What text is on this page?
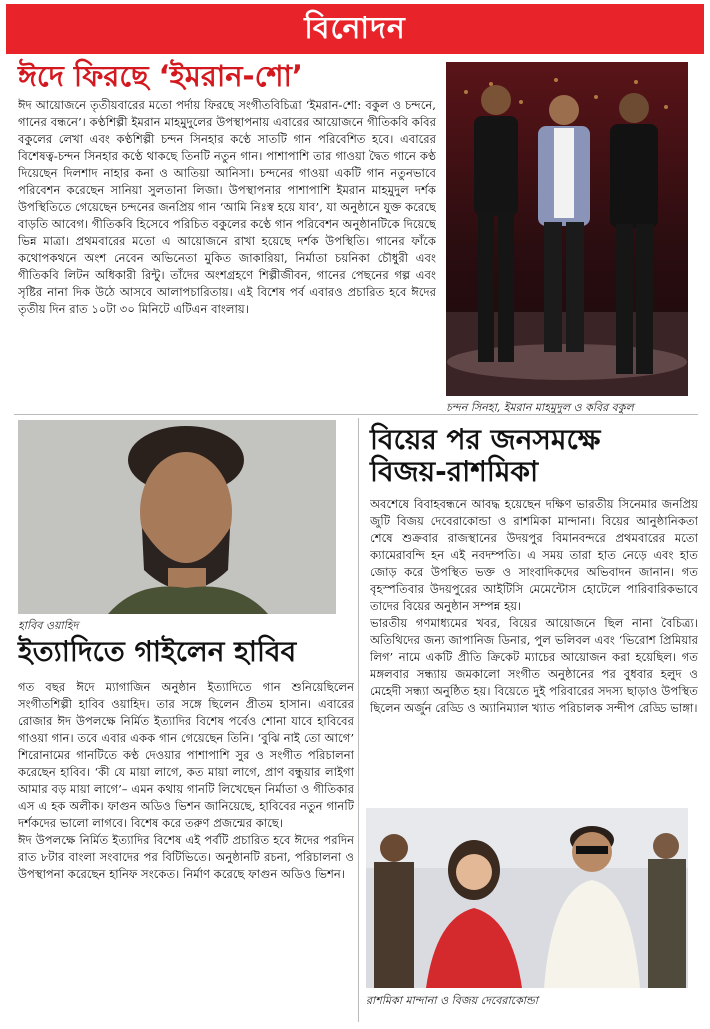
বিনোদন
ঈদে ফিরছে ‘ইমরান-শো’

ঈদ আয়োজনে তৃতীয়বারের মতো পর্দায় ফিরছে সংগীতবিচিত্রা ‘ইমরান-শো: বকুল ও চন্দনে, গানের বন্ধনে’। কণ্ঠশিল্পী ইমরান মাহমুদুলের উপস্থাপনায় এবারের আয়োজনে গীতিকবি কবির বকুলের লেখা এবং কণ্ঠশিল্পী চন্দন সিনহার কণ্ঠে সাতটি গান পরিবেশিত হবে। এবারের বিশেষত্ব-চন্দন সিনহার কণ্ঠে থাকছে তিনটি নতুন গান। পাশাপাশি তার গাওয়া দ্বৈত গানে কণ্ঠ দিয়েছেন দিলশাদ নাহার কনা ও আতিয়া আনিসা। চন্দনের গাওয়া একটি গান নতুনভাবে পরিবেশন করেছেন সানিয়া সুলতানা লিজা। উপস্থাপনার পাশাপাশি ইমরান মাহমুদুল দর্শক উপস্থিতিতে গেয়েছেন চন্দনের জনপ্রিয় গান ‘আমি নিঃস্ব হয়ে যাব’, যা অনুষ্ঠানে যুক্ত করেছে বাড়তি আবেগ। গীতিকবি হিসেবে পরিচিত বকুলের কণ্ঠে গান পরিবেশন অনুষ্ঠানটিকে দিয়েছে ভিন্ন মাত্রা। প্রথমবারের মতো এ আয়োজনে রাখা হয়েছে দর্শক উপস্থিতি। গানের ফাঁকে কথোপকথনে অংশ নেবেন অভিনেতা মুকিত জাকারিয়া, নির্মাতা চয়নিকা চৌধুরী এবং গীতিকবি লিটন অধিকারী রিন্টু। তাঁদের অংশগ্রহণে শিল্পীজীবন, গানের পেছনের গল্প এবং সৃষ্টির নানা দিক উঠে আসবে আলাপচারিতায়। এই বিশেষ পর্ব এবারও প্রচারিত হবে ঈদের তৃতীয় দিন রাত ১০টা ৩০ মিনিটে এটিএন বাংলায়।

চন্দন সিনহা, ইমরান মাহমুদুল ও কবির বকুল
হাবিব ওয়াহিদ
ইত্যাদিতে গাইলেন হাবিব

গত বছর ঈদে ম্যাগাজিন অনুষ্ঠান ইত্যাদিতে গান শুনিয়েছিলেন সংগীতশিল্পী হাবিব ওয়াহিদ। তার সঙ্গে ছিলেন প্রীতম হাসান। এবারের রোজার ঈদ উপলক্ষে নির্মিত ইত্যাদির বিশেষ পর্বেও শোনা যাবে হাবিবের গাওয়া গান। তবে এবার একক গান গেয়েছেন তিনি। ‘বুঝি নাই তো আগে’ শিরোনামের গানটিতে কণ্ঠ দেওয়ার পাশাপাশি সুর ও সংগীত পরিচালনা করেছেন হাবিব। ‘কী যে মায়া লাগে, কত মায়া লাগে, প্রাণ বন্ধুয়ার লাইগা আমার বড় মায়া লাগে’– এমন কথায় গানটি লিখেছেন নির্মাতা ও গীতিকার এস এ হক অলীক। ফাগুন অডিও ভিশন জানিয়েছে, হাবিবের নতুন গানটি দর্শকদের ভালো লাগবে। বিশেষ করে তরুণ প্রজন্মের কাছে।

ঈদ উপলক্ষে নির্মিত ইত্যাদির বিশেষ এই পর্বটি প্রচারিত হবে ঈদের পরদিন রাত ৮টার বাংলা সংবাদের পর বিটিভিতে। অনুষ্ঠানটি রচনা, পরিচালনা ও উপস্থাপনা করেছেন হানিফ সংকেত। নির্মাণ করেছে ফাগুন অডিও ভিশন।

বিয়ের পর জনসমক্ষে
বিজয়-রাশমিকা

অবশেষে বিবাহবন্ধনে আবদ্ধ হয়েছেন দক্ষিণ ভারতীয় সিনেমার জনপ্রিয় জুটি বিজয় দেবেরাকোন্ডা ও রাশমিকা মান্দানা। বিয়ের আনুষ্ঠানিকতা শেষে শুক্রবার রাজস্থানের উদয়পুর বিমানবন্দরে প্রথমবারের মতো ক্যামেরাবন্দি হন এই নবদম্পতি। এ সময় তারা হাত নেড়ে এবং হাত জোড় করে উপস্থিত ভক্ত ও সাংবাদিকদের অভিবাদন জানান। গত বৃহস্পতিবার উদয়পুরের আইটিসি মেমেন্টোস হোটেলে পারিবারিকভাবে তাদের বিয়ের অনুষ্ঠান সম্পন্ন হয়।

ভারতীয় গণমাধ্যমের খবর, বিয়ের আয়োজনে ছিল নানা বৈচিত্র্য। অতিথিদের জন্য জাপানিজ ডিনার, পুল ভলিবল এবং ‘ভিরোশ প্রিমিয়ার লিগ’ নামে একটি প্রীতি ক্রিকেট ম্যাচের আয়োজন করা হয়েছিল। গত মঙ্গলবার সন্ধ্যায় জমকালো সংগীত অনুষ্ঠানের পর বুধবার হলুদ ও মেহেদী সন্ধ্যা অনুষ্ঠিত হয়। বিয়েতে দুই পরিবারের সদস্য ছাড়াও উপস্থিত ছিলেন অর্জুন রেড্ডি ও অ্যানিম্যাল খ্যাত পরিচালক সন্দীপ রেড্ডি ভাঙ্গা।

রাশমিকা মান্দানা ও বিজয় দেবেরাকোন্ডা
